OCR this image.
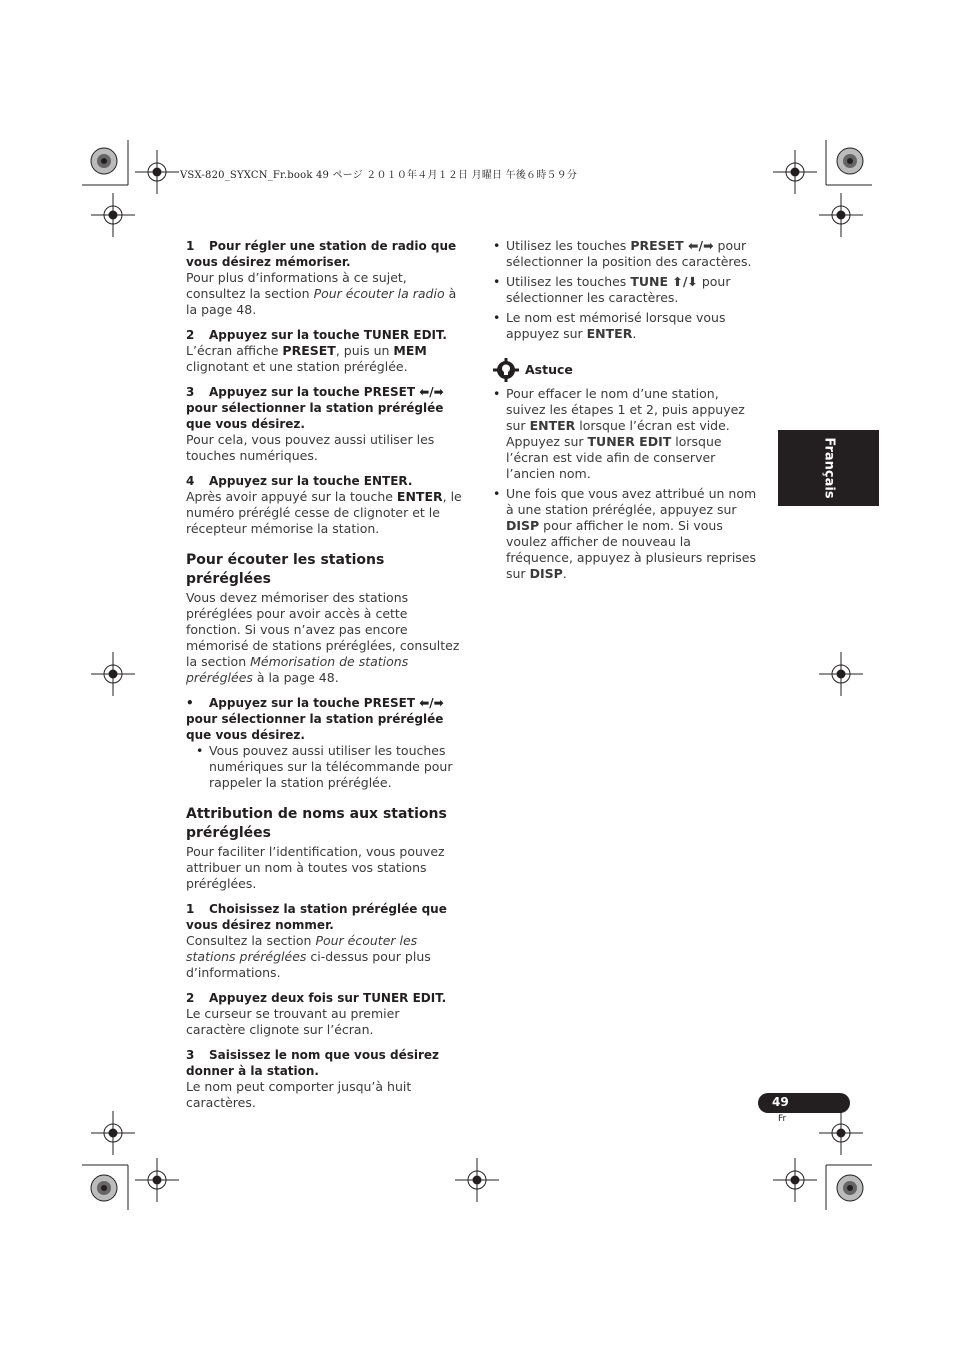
VSX-820_SYXCN_Fr.book 49 ページ ２０１０年４月１２日 月曜日 午後６時５９分
1 Pour régler une station de radio que vous désirez mémoriser.
Pour plus d’informations à ce sujet, consultez la section Pour écouter la radio à la page 48.
2 Appuyez sur la touche TUNER EDIT.
L’écran affiche PRESET, puis un MEM clignotant et une station préréglée.
3 Appuyez sur la touche PRESET ⬅/➡ pour sélectionner la station préréglée que vous désirez.
Pour cela, vous pouvez aussi utiliser les touches numériques.
4 Appuyez sur la touche ENTER.
Après avoir appuyé sur la touche ENTER, le numéro préréglé cesse de clignoter et le récepteur mémorise la station.
Pour écouter les stations préréglées
Vous devez mémoriser des stations préréglées pour avoir accès à cette fonction. Si vous n’avez pas encore mémorisé de stations préréglées, consultez la section Mémorisation de stations préréglées à la page 48.
• Appuyez sur la touche PRESET ⬅/➡ pour sélectionner la station préréglée que vous désirez.
• Vous pouvez aussi utiliser les touches numériques sur la télécommande pour rappeler la station préréglée.
Attribution de noms aux stations préréglées
Pour faciliter l’identification, vous pouvez attribuer un nom à toutes vos stations préréglées.
1 Choisissez la station préréglée que vous désirez nommer.
Consultez la section Pour écouter les stations préréglées ci-dessus pour plus d’informations.
2 Appuyez deux fois sur TUNER EDIT.
Le curseur se trouvant au premier caractère clignote sur l’écran.
3 Saisissez le nom que vous désirez donner à la station.
Le nom peut comporter jusqu’à huit caractères.
• Utilisez les touches PRESET ⬅/➡ pour sélectionner la position des caractères.
• Utilisez les touches TUNE ⬆/⬇ pour sélectionner les caractères.
• Le nom est mémorisé lorsque vous appuyez sur ENTER.
Astuce
• Pour effacer le nom d’une station, suivez les étapes 1 et 2, puis appuyez sur ENTER lorsque l’écran est vide. Appuyez sur TUNER EDIT lorsque l’écran est vide afin de conserver l’ancien nom.
• Une fois que vous avez attribué un nom à une station préréglée, appuyez sur DISP pour afficher le nom. Si vous voulez afficher de nouveau la fréquence, appuyez à plusieurs reprises sur DISP.
Français
49
Fr
